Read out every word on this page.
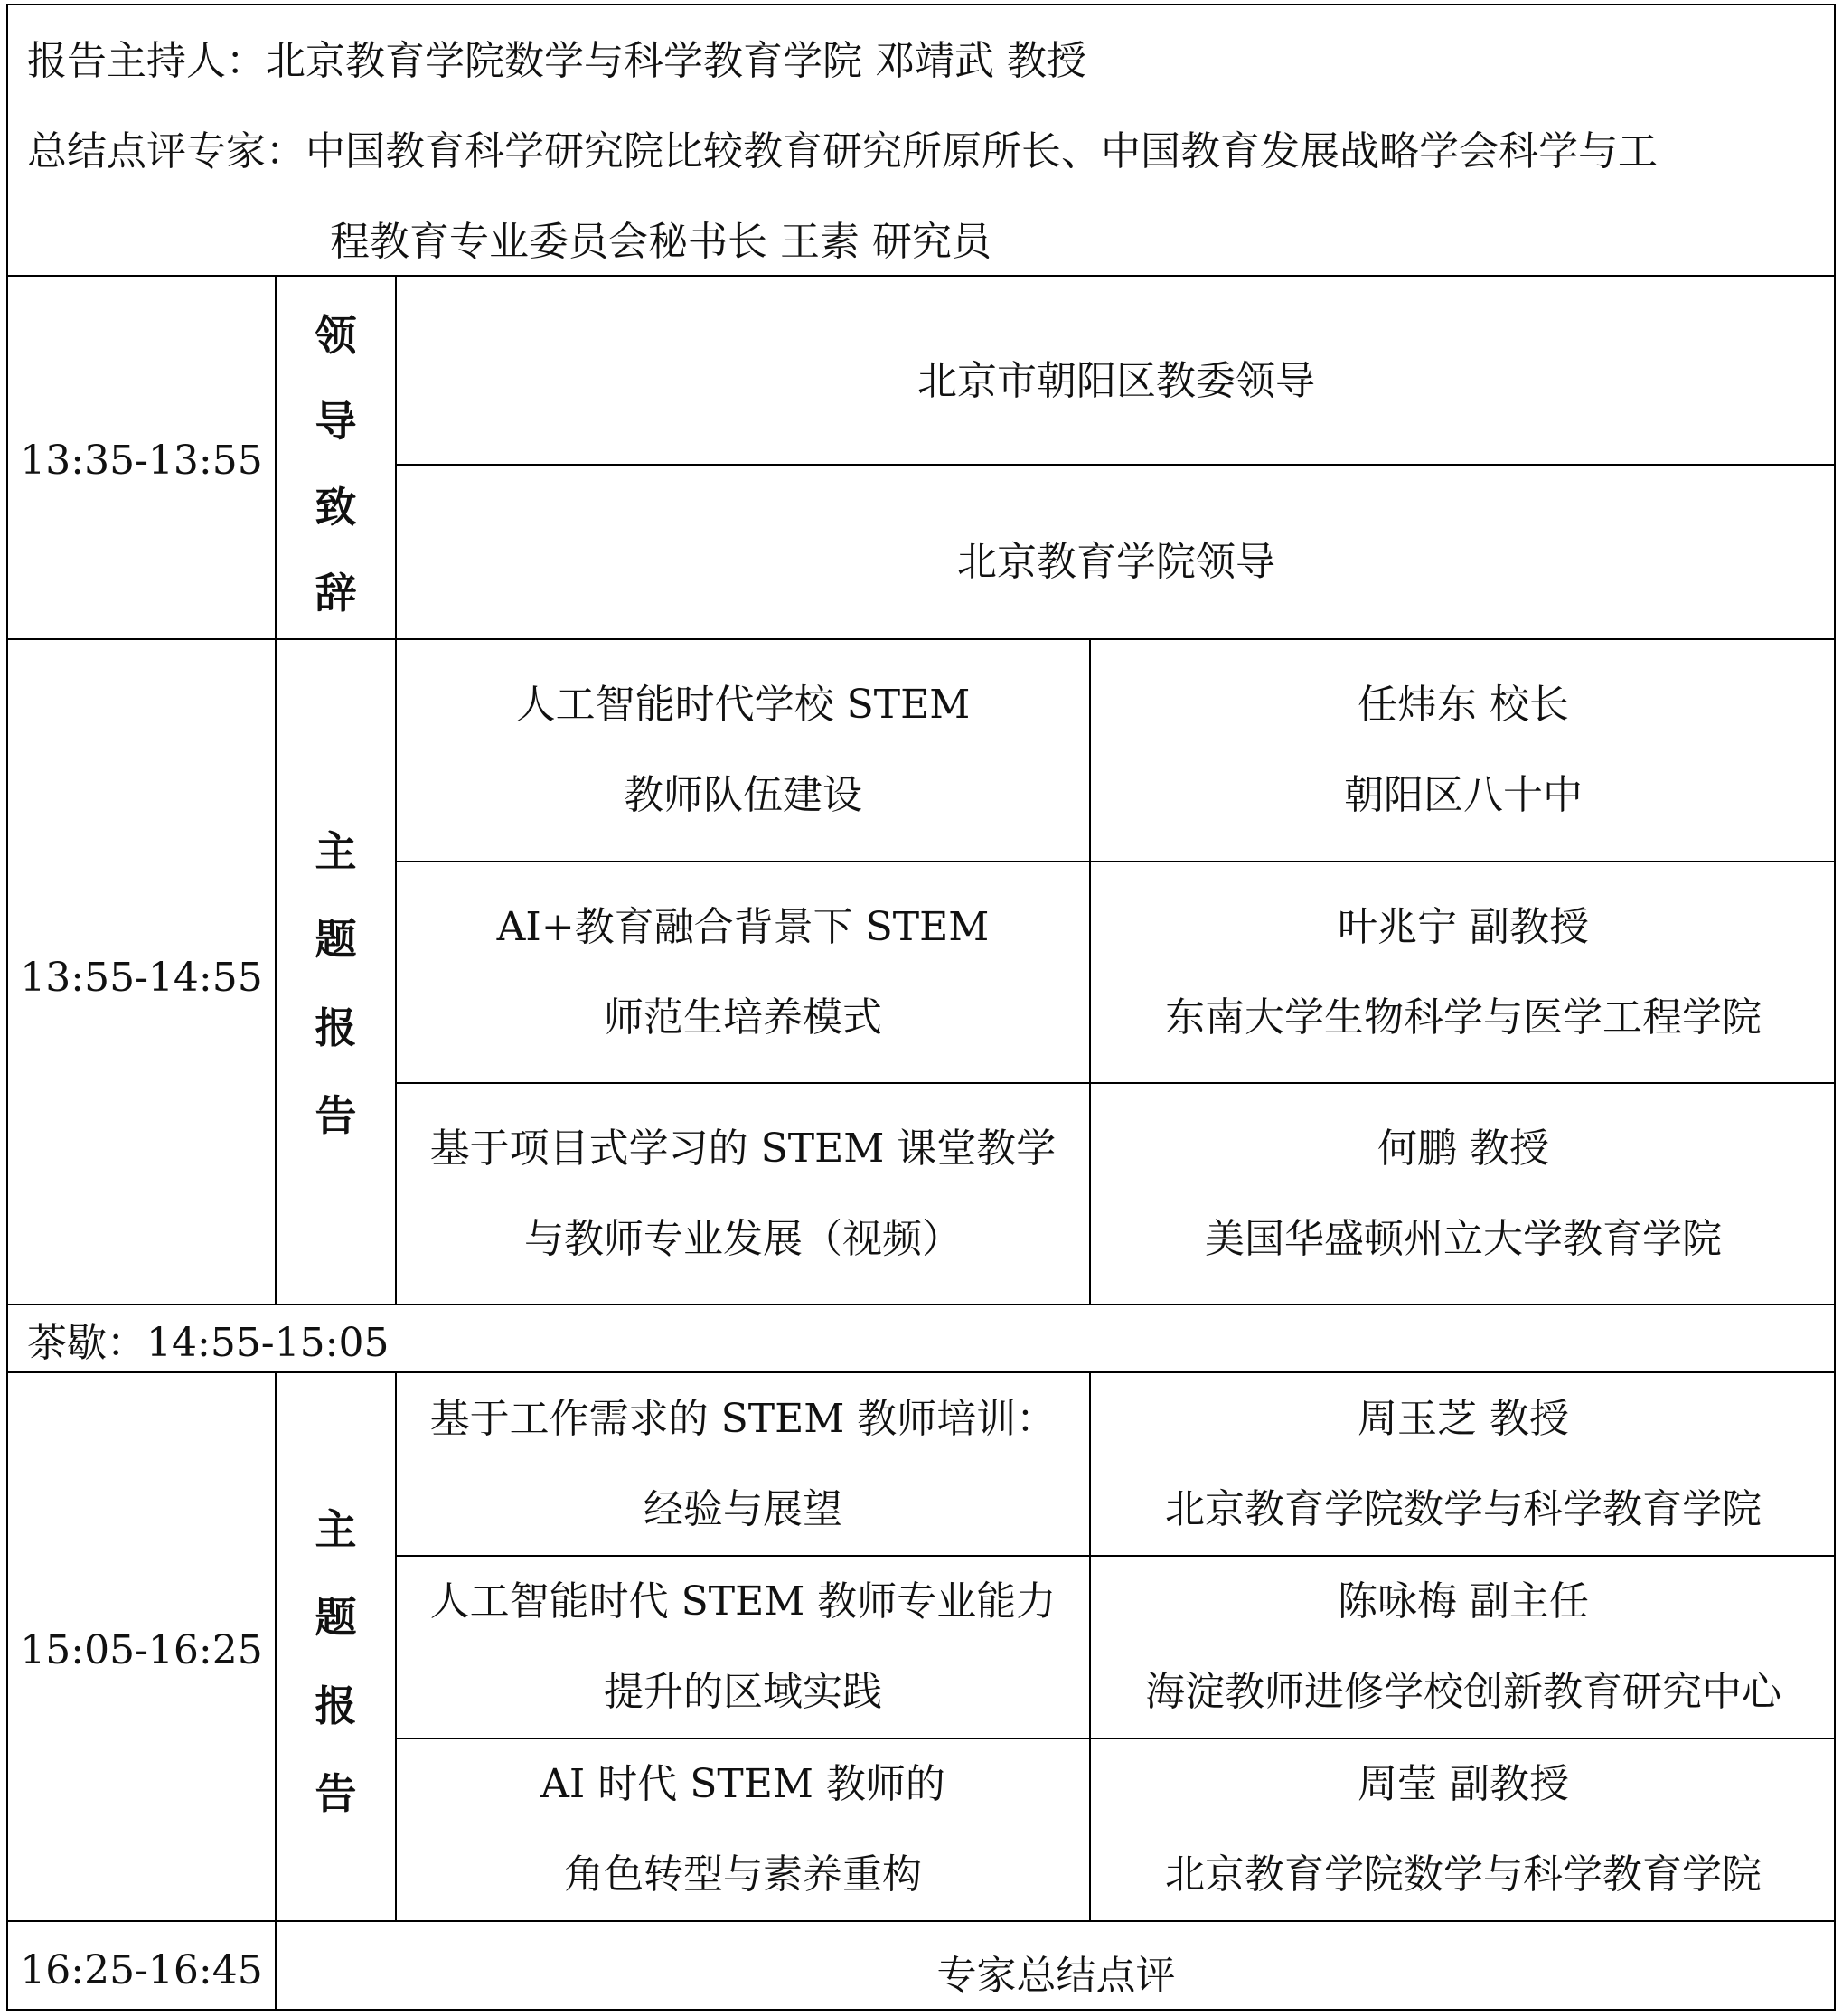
报告主持人：北京教育学院数学与科学教育学院 邓靖武 教授
总结点评专家：中国教育科学研究院比较教育研究所原所长、中国教育发展战略学会科学与工
程教育专业委员会秘书长 王素 研究员
13:35-13:55
领
导
致
辞
北京市朝阳区教委领导
北京教育学院领导
13:55-14:55
主
题
报
告
人工智能时代学校 STEM
教师队伍建设
任炜东 校长
朝阳区八十中
AI+教育融合背景下 STEM
师范生培养模式
叶兆宁 副教授
东南大学生物科学与医学工程学院
基于项目式学习的 STEM 课堂教学
与教师专业发展（视频）
何鹏 教授
美国华盛顿州立大学教育学院
茶歇：14:55-15:05
15:05-16:25
主
题
报
告
基于工作需求的 STEM 教师培训：
经验与展望
周玉芝 教授
北京教育学院数学与科学教育学院
人工智能时代 STEM 教师专业能力
提升的区域实践
陈咏梅 副主任
海淀教师进修学校创新教育研究中心
AI 时代 STEM 教师的
角色转型与素养重构
周莹 副教授
北京教育学院数学与科学教育学院
16:25-16:45	专家总结点评
